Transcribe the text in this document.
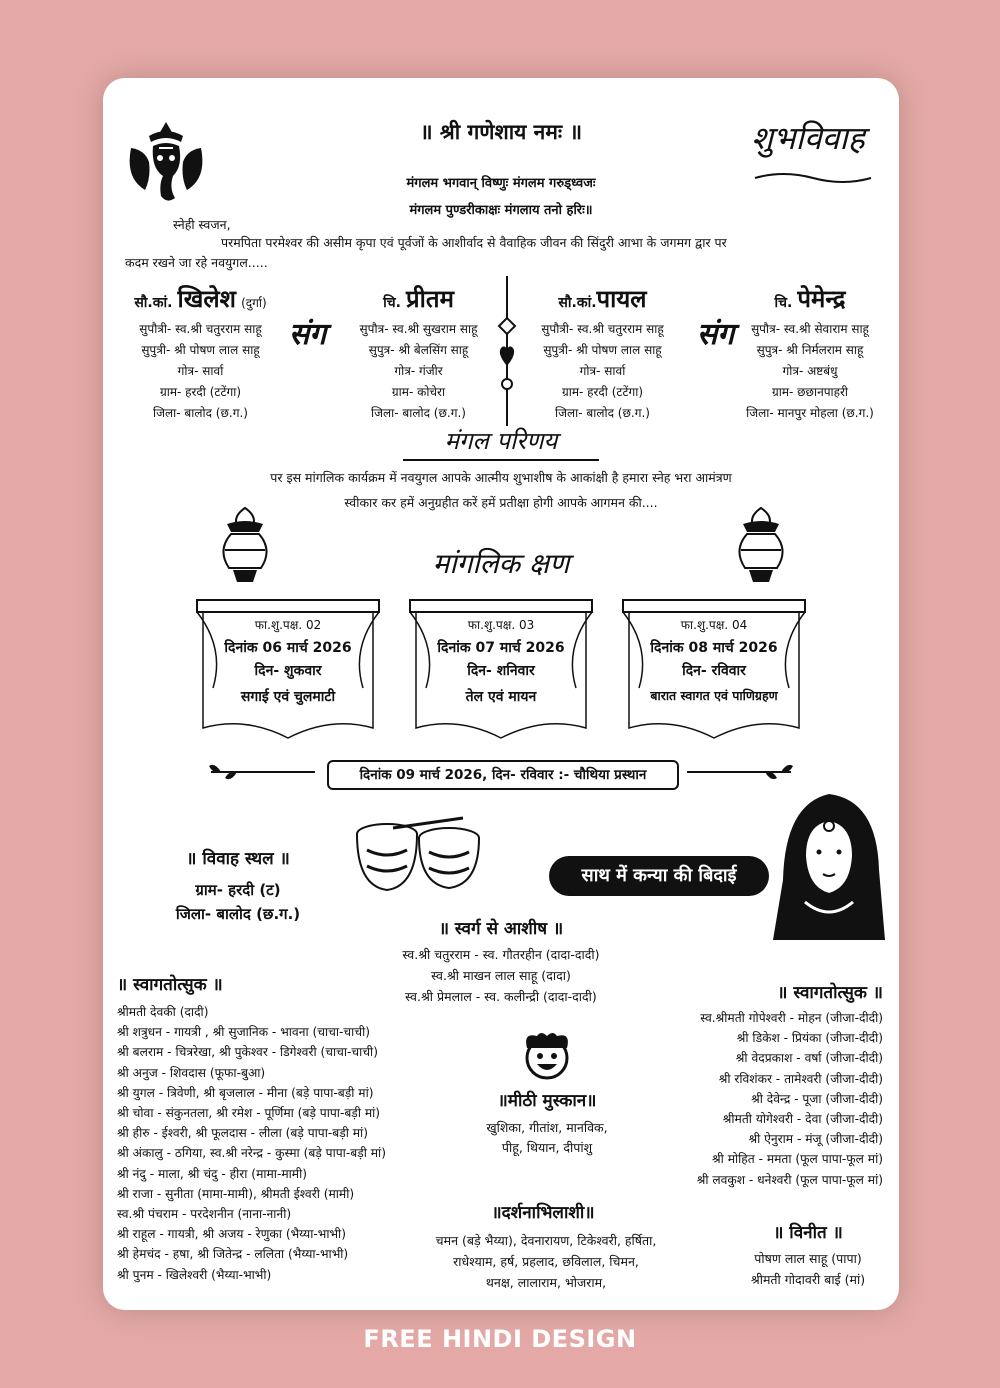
॥ श्री गणेशाय नमः ॥
मंगलम भगवान् विष्णुः मंगलम गरुड्ध्वजः
मंगलम पुण्डरीकाक्षः मंगलाय तनो हरिः॥
शुभविवाह
स्नेही स्वजन,
परमपिता परमेश्वर की असीम कृपा एवं पूर्वजों के आशीर्वाद से वैवाहिक जीवन की सिंदुरी आभा के जगमग द्वार पर
कदम रखने जा रहे नवयुगल.....
सौ.कां. खिलेश (दुर्गा)
सुपौत्री- स्व.श्री चतुरराम साहू
सुपुत्री- श्री पोषण लाल साहू
गोत्र- सार्वा
ग्राम- हरदी (टटेंगा)
जिला- बालोद (छ.ग.)
संग
चि. प्रीतम
सुपौत्र- स्व.श्री सुखराम साहू
सुपुत्र- श्री बेलसिंग साहू
गोत्र- गंजीर
ग्राम- कोचेरा
जिला- बालोद (छ.ग.)
सौ.कां.पायल
सुपौत्री- स्व.श्री चतुरराम साहू
सुपुत्री- श्री पोषण लाल साहू
गोत्र- सार्वा
ग्राम- हरदी (टटेंगा)
जिला- बालोद (छ.ग.)
संग
चि. पेमेन्द्र
सुपौत्र- स्व.श्री सेवाराम साहू
सुपुत्र- श्री निर्मलराम साहू
गोत्र- अष्टबंधु
ग्राम- छछानपाहरी
जिला- मानपुर मोहला (छ.ग.)
मंगल परिणय
पर इस मांगलिक कार्यक्रम में नवयुगल आपके आत्मीय शुभाशीष के आकांक्षी है हमारा स्नेह भरा आमंत्रण
स्वीकार कर हमें अनुग्रहीत करें हमें प्रतीक्षा होगी आपके आगमन की....
मांगलिक क्षण
फा.शु.पक्ष. 02
दिनांक 06 मार्च 2026
दिन- शुकवार
सगाई एवं चुलमाटी
फा.शु.पक्ष. 03
दिनांक 07 मार्च 2026
दिन- शनिवार
तेल एवं मायन
फा.शु.पक्ष. 04
दिनांक 08 मार्च 2026
दिन- रविवार
बारात स्वागत एवं पाणिग्रहण
दिनांक 09 मार्च 2026, दिन- रविवार :- चौथिया प्रस्थान
॥ विवाह स्थल ॥
ग्राम- हरदी (ट)
जिला- बालोद (छ.ग.)
साथ में कन्या की बिदाई
॥ स्वर्ग से आशीष ॥
स्व.श्री चतुरराम - स्व. गौतरहीन (दादा-दादी)
स्व.श्री माखन लाल साहू (दादा)
स्व.श्री प्रेमलाल - स्व. कलीन्द्री (दादा-दादी)
॥ स्वागतोत्सुक ॥
श्रीमती देवकी (दादी)
श्री शत्रुधन - गायत्री , श्री सुजानिक - भावना (चाचा-चाची)
श्री बलराम - चित्ररेखा, श्री पुकेश्वर - डिगेश्वरी (चाचा-चाची)
श्री अनुज - शिवदास (फूफा-बुआ)
श्री युगल - त्रिवेणी, श्री बृजलाल - मीना (बड़े पापा-बड़ी मां)
श्री चोवा - संकुनतला, श्री रमेश - पूर्णिमा (बड़े पापा-बड़ी मां)
श्री हीरु - ईश्वरी, श्री फूलदास - लीला (बड़े पापा-बड़ी मां)
श्री अंकालु - ठगिया, स्व.श्री नरेन्द्र - कुस्मा (बड़े पापा-बड़ी मां)
श्री नंदु - माला, श्री चंदु - हीरा (मामा-मामी)
श्री राजा - सुनीता (मामा-मामी), श्रीमती ईश्वरी (मामी)
स्व.श्री पंचराम - परदेशनीन (नाना-नानी)
श्री राहूल - गायत्री, श्री अजय - रेणुका (भैय्या-भाभी)
श्री हेमचंद - हषा, श्री जितेन्द्र - ललिता (भैय्या-भाभी)
श्री पुनम - खिलेश्वरी (भैय्या-भाभी)
॥ स्वागतोत्सुक ॥
स्व.श्रीमती गोपेश्वरी - मोहन (जीजा-दीदी)
श्री डिकेश - प्रियंका (जीजा-दीदी)
श्री वेदप्रकाश - वर्षा (जीजा-दीदी)
श्री रविशंकर - तामेश्वरी (जीजा-दीदी)
श्री देवेन्द्र - पूजा (जीजा-दीदी)
श्रीमती योगेश्वरी - देवा (जीजा-दीदी)
श्री ऐनुराम - मंजू (जीजा-दीदी)
श्री मोहित - ममता (फूल पापा-फूल मां)
श्री लवकुश - धनेश्वरी (फूल पापा-फूल मां)
॥मीठी मुस्कान॥
खुशिका, गीतांश, मानविक,
पीहू, थियान, दीपांशु
॥दर्शनाभिलाशी॥
चमन (बड़े भैय्या), देवनारायण, टिकेश्वरी, हर्षिता,
राधेश्याम, हर्ष, प्रहलाद, छविलाल, चिमन,
थनक्ष, लालाराम, भोजराम,
॥ विनीत ॥
पोषण लाल साहू (पापा)
श्रीमती गोदावरी बाई (मां)
FREE HINDI DESIGN
